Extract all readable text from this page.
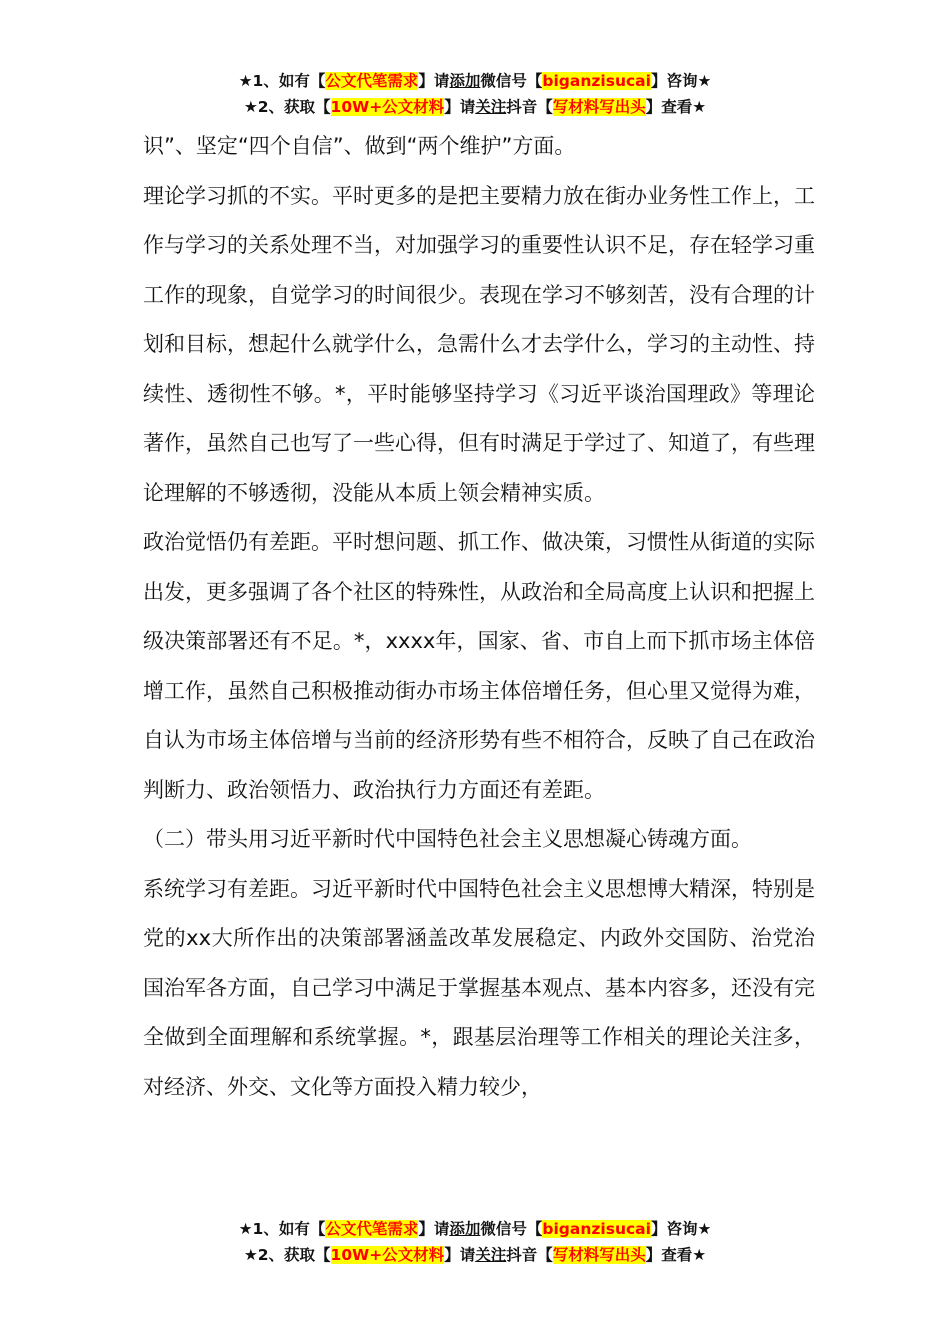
★1、如有【公文代笔需求】请添加微信号【biganzisucai】咨询★
★2、获取【10W+公文材料】请关注抖音【写材料写出头】查看★

识”、坚定“四个自信”、做到“两个维护”方面。

理论学习抓的不实。平时更多的是把主要精力放在街办业务性工作上，工作与学习的关系处理不当，对加强学习的重要性认识不足，存在轻学习重工作的现象，自觉学习的时间很少。表现在学习不够刻苦，没有合理的计划和目标，想起什么就学什么，急需什么才去学什么，学习的主动性、持续性、透彻性不够。*，平时能够坚持学习《习近平谈治国理政》等理论著作，虽然自己也写了一些心得，但有时满足于学过了、知道了，有些理论理解的不够透彻，没能从本质上领会精神实质。

政治觉悟仍有差距。平时想问题、抓工作、做决策，习惯性从街道的实际出发，更多强调了各个社区的特殊性，从政治和全局高度上认识和把握上级决策部署还有不足。*，xxxx年，国家、省、市自上而下抓市场主体倍增工作，虽然自己积极推动街办市场主体倍增任务，但心里又觉得为难，自认为市场主体倍增与当前的经济形势有些不相符合，反映了自己在政治判断力、政治领悟力、政治执行力方面还有差距。

（二）带头用习近平新时代中国特色社会主义思想凝心铸魂方面。

系统学习有差距。习近平新时代中国特色社会主义思想博大精深，特别是党的xx大所作出的决策部署涵盖改革发展稳定、内政外交国防、治党治国治军各方面，自己学习中满足于掌握基本观点、基本内容多，还没有完全做到全面理解和系统掌握。*，跟基层治理等工作相关的理论关注多，对经济、外交、文化等方面投入精力较少，

★1、如有【公文代笔需求】请添加微信号【biganzisucai】咨询★
★2、获取【10W+公文材料】请关注抖音【写材料写出头】查看★
